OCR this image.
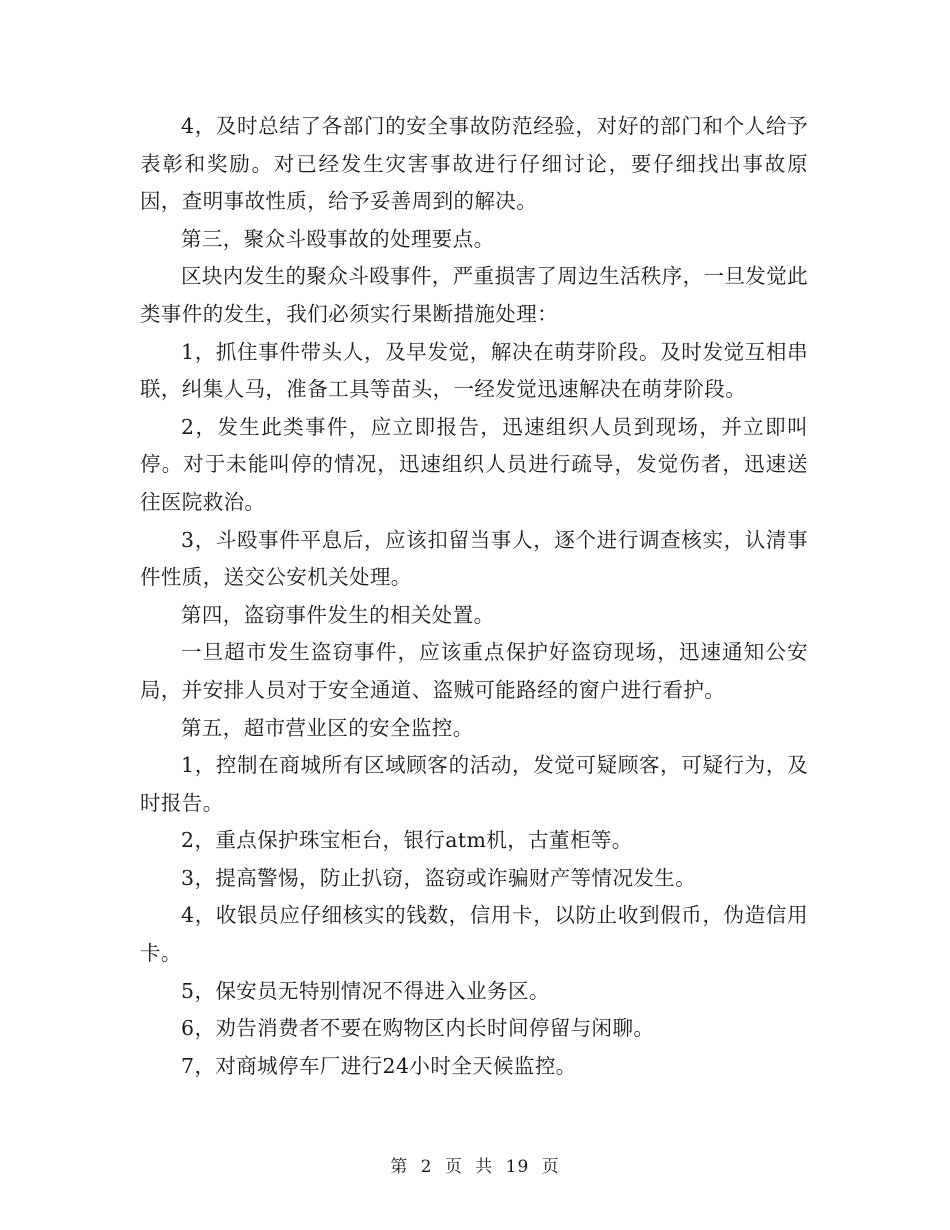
4，及时总结了各部门的安全事故防范经验，对好的部门和个人给予表彰和奖励。对已经发生灾害事故进行仔细讨论，要仔细找出事故原因，查明事故性质，给予妥善周到的解决。

第三，聚众斗殴事故的处理要点。

区块内发生的聚众斗殴事件，严重损害了周边生活秩序，一旦发觉此类事件的发生，我们必须实行果断措施处理：

1，抓住事件带头人，及早发觉，解决在萌芽阶段。及时发觉互相串联，纠集人马，准备工具等苗头，一经发觉迅速解决在萌芽阶段。

2，发生此类事件，应立即报告，迅速组织人员到现场，并立即叫停。对于未能叫停的情况，迅速组织人员进行疏导，发觉伤者，迅速送往医院救治。

3，斗殴事件平息后，应该扣留当事人，逐个进行调查核实，认清事件性质，送交公安机关处理。

第四，盗窃事件发生的相关处置。

一旦超市发生盗窃事件，应该重点保护好盗窃现场，迅速通知公安局，并安排人员对于安全通道、盗贼可能路经的窗户进行看护。

第五，超市营业区的安全监控。

1，控制在商城所有区域顾客的活动，发觉可疑顾客，可疑行为，及时报告。

2，重点保护珠宝柜台，银行atm机，古董柜等。

3，提高警惕，防止扒窃，盗窃或诈骗财产等情况发生。

4，收银员应仔细核实的钱数，信用卡，以防止收到假币，伪造信用卡。

5，保安员无特别情况不得进入业务区。

6，劝告消费者不要在购物区内长时间停留与闲聊。

7，对商城停车厂进行24小时全天候监控。

第 2 页 共 19 页
